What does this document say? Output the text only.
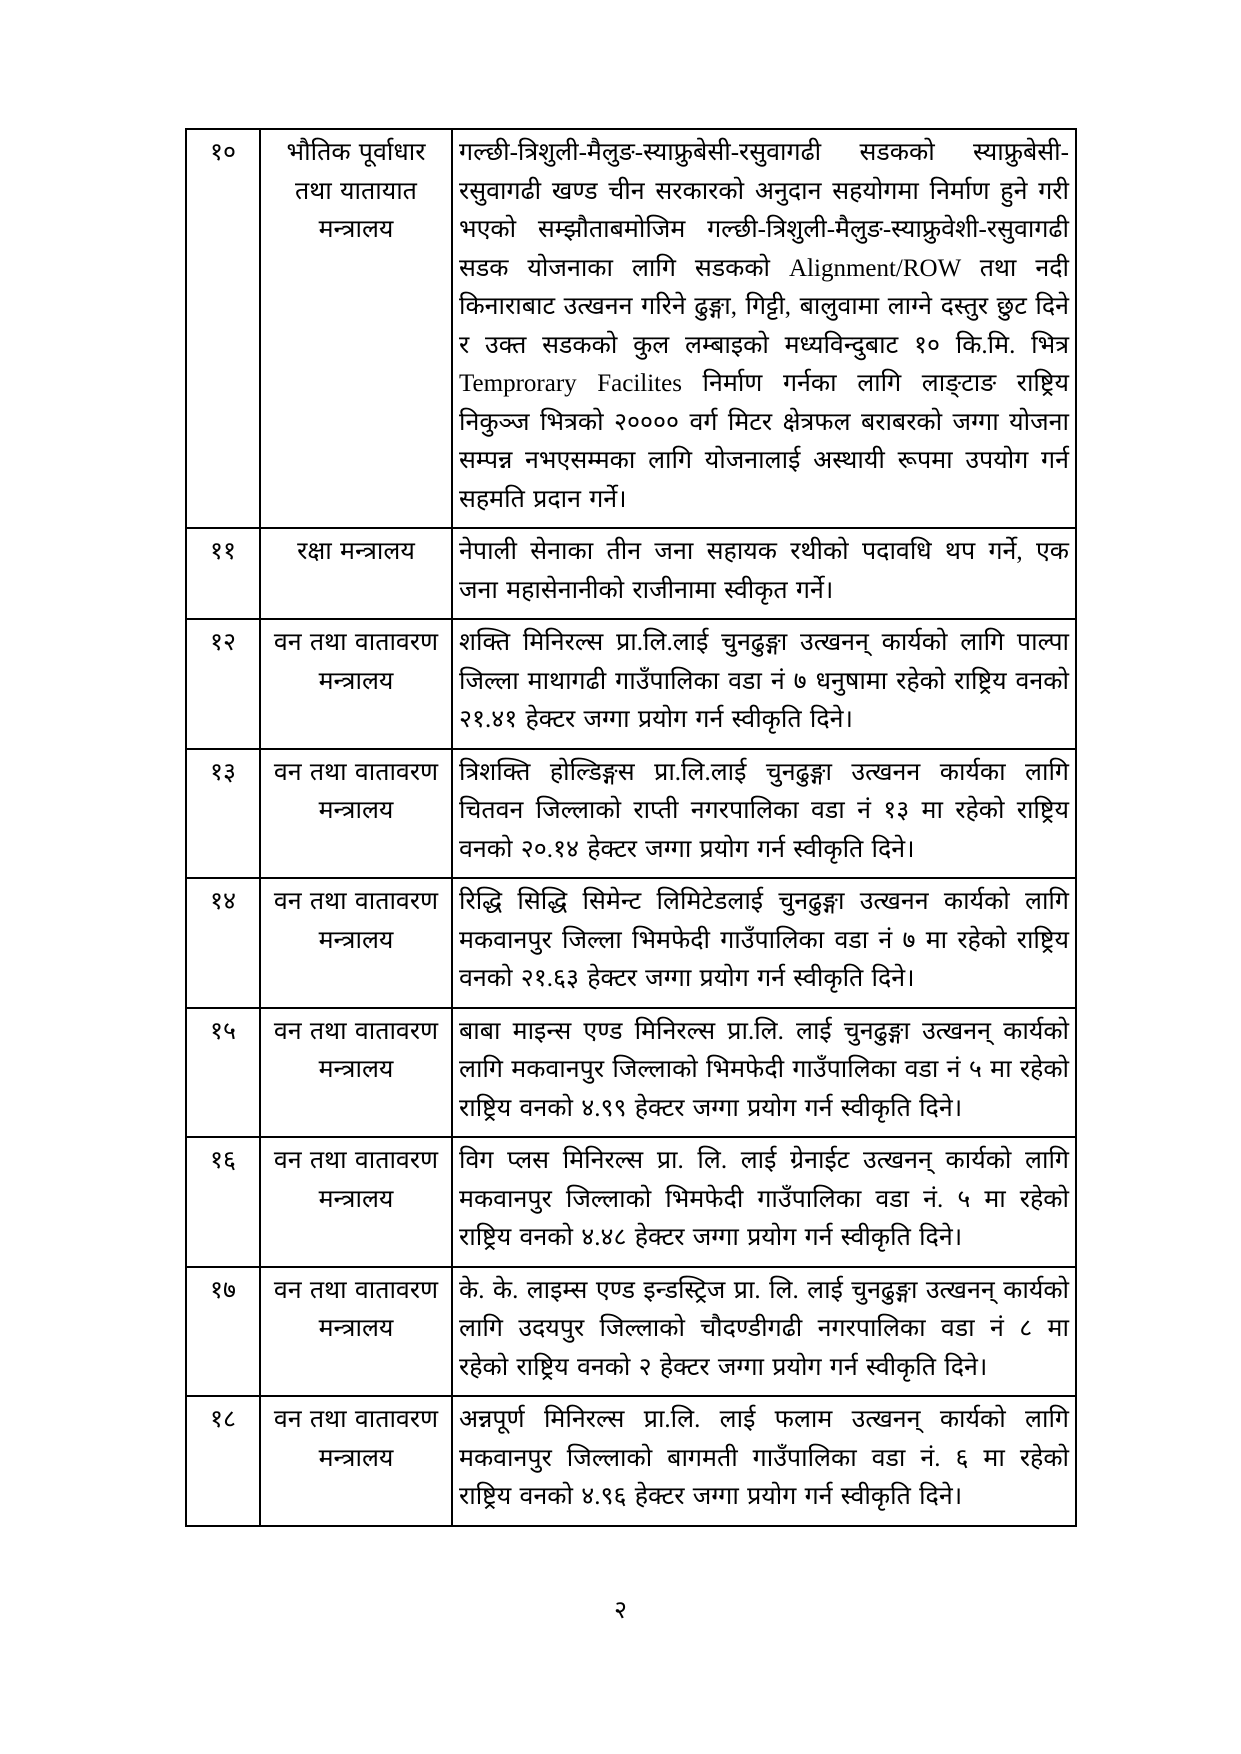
१०	भौतिक पूर्वाधार तथा यातायात मन्त्रालय	गल्छी-त्रिशुली-मैलुङ-स्याफ्रुबेसी-रसुवागढी सडकको स्याफ्रुबेसी-रसुवागढी खण्ड चीन सरकारको अनुदान सहयोगमा निर्माण हुने गरी भएको सम्झौताबमोजिम गल्छी-त्रिशुली-मैलुङ-स्याफ्रुवेशी-रसुवागढी सडक योजनाका लागि सडकको Alignment/ROW तथा नदी किनाराबाट उत्खनन गरिने ढुङ्गा, गिट्टी, बालुवामा लाग्ने दस्तुर छुट दिने र उक्त सडकको कुल लम्बाइको मध्यविन्दुबाट १० कि.मि. भित्र Temprorary Facilites निर्माण गर्नका लागि लाङ्टाङ राष्ट्रिय निकुञ्ज भित्रको २०००० वर्ग मिटर क्षेत्रफल बराबरको जग्गा योजना सम्पन्न नभएसम्मका लागि योजनालाई अस्थायी रूपमा उपयोग गर्न सहमति प्रदान गर्ने।
११	रक्षा मन्त्रालय	नेपाली सेनाका तीन जना सहायक रथीको पदावधि थप गर्ने, एक जना महासेनानीको राजीनामा स्वीकृत गर्ने।
१२	वन तथा वातावरण मन्त्रालय	शक्ति मिनिरल्स प्रा.लि.लाई चुनढुङ्गा उत्खनन् कार्यको लागि पाल्पा जिल्ला माथागढी गाउँपालिका वडा नं ७ धनुषामा रहेको राष्ट्रिय वनको २१.४१ हेक्टर जग्गा प्रयोग गर्न स्वीकृति दिने।
१३	वन तथा वातावरण मन्त्रालय	त्रिशक्ति होल्डिङ्गस प्रा.लि.लाई चुनढुङ्गा उत्खनन कार्यका लागि चितवन जिल्लाको राप्ती नगरपालिका वडा नं १३ मा रहेको राष्ट्रिय वनको २०.१४ हेक्टर जग्गा प्रयोग गर्न स्वीकृति दिने।
१४	वन तथा वातावरण मन्त्रालय	रिद्धि सिद्धि सिमेन्ट लिमिटेडलाई चुनढुङ्गा उत्खनन कार्यको लागि मकवानपुर जिल्ला भिमफेदी गाउँपालिका वडा नं ७ मा रहेको राष्ट्रिय वनको २१.६३ हेक्टर जग्गा प्रयोग गर्न स्वीकृति दिने।
१५	वन तथा वातावरण मन्त्रालय	बाबा माइन्स एण्ड मिनिरल्स प्रा.लि. लाई चुनढुङ्गा उत्खनन् कार्यको लागि मकवानपुर जिल्लाको भिमफेदी गाउँपालिका वडा नं ५ मा रहेको राष्ट्रिय वनको ४.९९ हेक्टर जग्गा प्रयोग गर्न स्वीकृति दिने।
१६	वन तथा वातावरण मन्त्रालय	विग प्लस मिनिरल्स प्रा. लि. लाई ग्रेनाईट उत्खनन् कार्यको लागि मकवानपुर जिल्लाको भिमफेदी गाउँपालिका वडा नं. ५ मा रहेको राष्ट्रिय वनको ४.४८ हेक्टर जग्गा प्रयोग गर्न स्वीकृति दिने।
१७	वन तथा वातावरण मन्त्रालय	के. के. लाइम्स एण्ड इन्डस्ट्रिज प्रा. लि. लाई चुनढुङ्गा उत्खनन् कार्यको लागि उदयपुर जिल्लाको चौदण्डीगढी नगरपालिका वडा नं ८ मा रहेको राष्ट्रिय वनको २ हेक्टर जग्गा प्रयोग गर्न स्वीकृति दिने।
१८	वन तथा वातावरण मन्त्रालय	अन्नपूर्ण मिनिरल्स प्रा.लि. लाई फलाम उत्खनन् कार्यको लागि मकवानपुर जिल्लाको बागमती गाउँपालिका वडा नं. ६ मा रहेको राष्ट्रिय वनको ४.९६ हेक्टर जग्गा प्रयोग गर्न स्वीकृति दिने।
२
